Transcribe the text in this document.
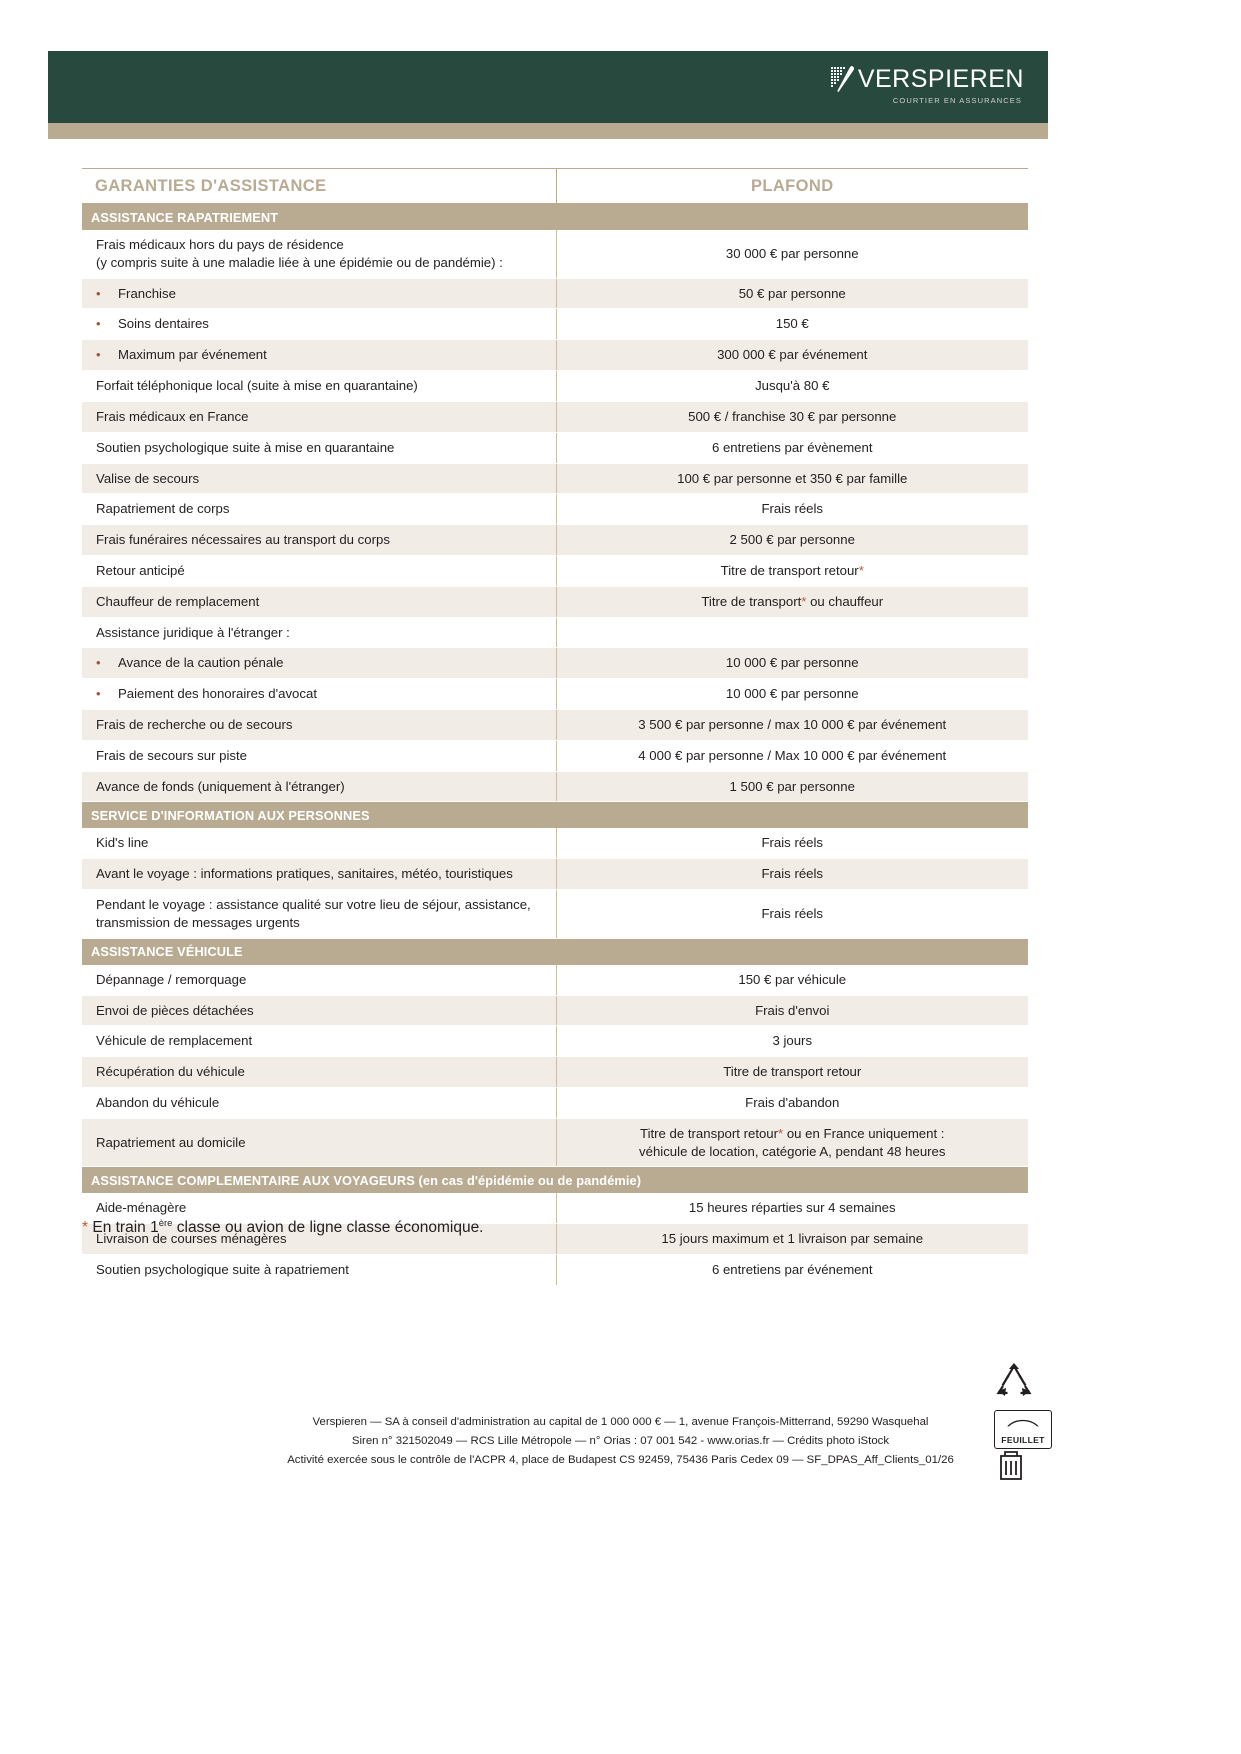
VERSPIEREN
COURTIER EN ASSURANCES
GARANTIES D'ASSISTANCE	PLAFOND
ASSISTANCE RAPATRIEMENT	

Frais médicaux hors du pays de résidence
(y compris suite à une maladie liée à une épidémie ou de pandémie) :	30 000 € par personne

• Franchise	50 € par personne

• Soins dentaires	150 €

• Maximum par événement	300 000 € par événement

Forfait téléphonique local (suite à mise en quarantaine)	Jusqu'à 80 €

Frais médicaux en France	500 € / franchise 30 € par personne

Soutien psychologique suite à mise en quarantaine	6 entretiens par évènement

Valise de secours	100 € par personne et 350 € par famille

Rapatriement de corps	Frais réels

Frais funéraires nécessaires au transport du corps	2 500 € par personne

Retour anticipé	Titre de transport retour*

Chauffeur de remplacement	Titre de transport* ou chauffeur

Assistance juridique à l'étranger :	

• Avance de la caution pénale	10 000 € par personne

• Paiement des honoraires d'avocat	10 000 € par personne

Frais de recherche ou de secours	3 500 € par personne / max 10 000 € par événement

Frais de secours sur piste	4 000 € par personne / Max 10 000 € par événement

Avance de fonds (uniquement à l'étranger)	1 500 € par personne

SERVICE D'INFORMATION AUX PERSONNES	

Kid's line	Frais réels

Avant le voyage : informations pratiques, sanitaires, météo, touristiques	Frais réels

Pendant le voyage : assistance qualité sur votre lieu de séjour, assistance, transmission de messages urgents	Frais réels

ASSISTANCE VÉHICULE	

Dépannage / remorquage	150 € par véhicule

Envoi de pièces détachées	Frais d'envoi

Véhicule de remplacement	3 jours

Récupération du véhicule	Titre de transport retour

Abandon du véhicule	Frais d'abandon

Rapatriement au domicile	Titre de transport retour* ou en France uniquement :
véhicule de location, catégorie A, pendant 48 heures

ASSISTANCE COMPLEMENTAIRE AUX VOYAGEURS (en cas d'épidémie ou de pandémie)	

Aide-ménagère	15 heures réparties sur 4 semaines

Livraison de courses ménagères	15 jours maximum et 1 livraison par semaine

Soutien psychologique suite à rapatriement	6 entretiens par événement
* En train 1ère classe ou avion de ligne classe économique.
FEUILLET
Verspieren — SA à conseil d'administration au capital de 1 000 000 € — 1, avenue François-Mitterrand, 59290 Wasquehal
Siren n° 321502049 — RCS Lille Métropole — n° Orias : 07 001 542 - www.orias.fr — Crédits photo iStock
Activité exercée sous le contrôle de l'ACPR 4, place de Budapest CS 92459, 75436 Paris Cedex 09 — SF_DPAS_Aff_Clients_01/26
